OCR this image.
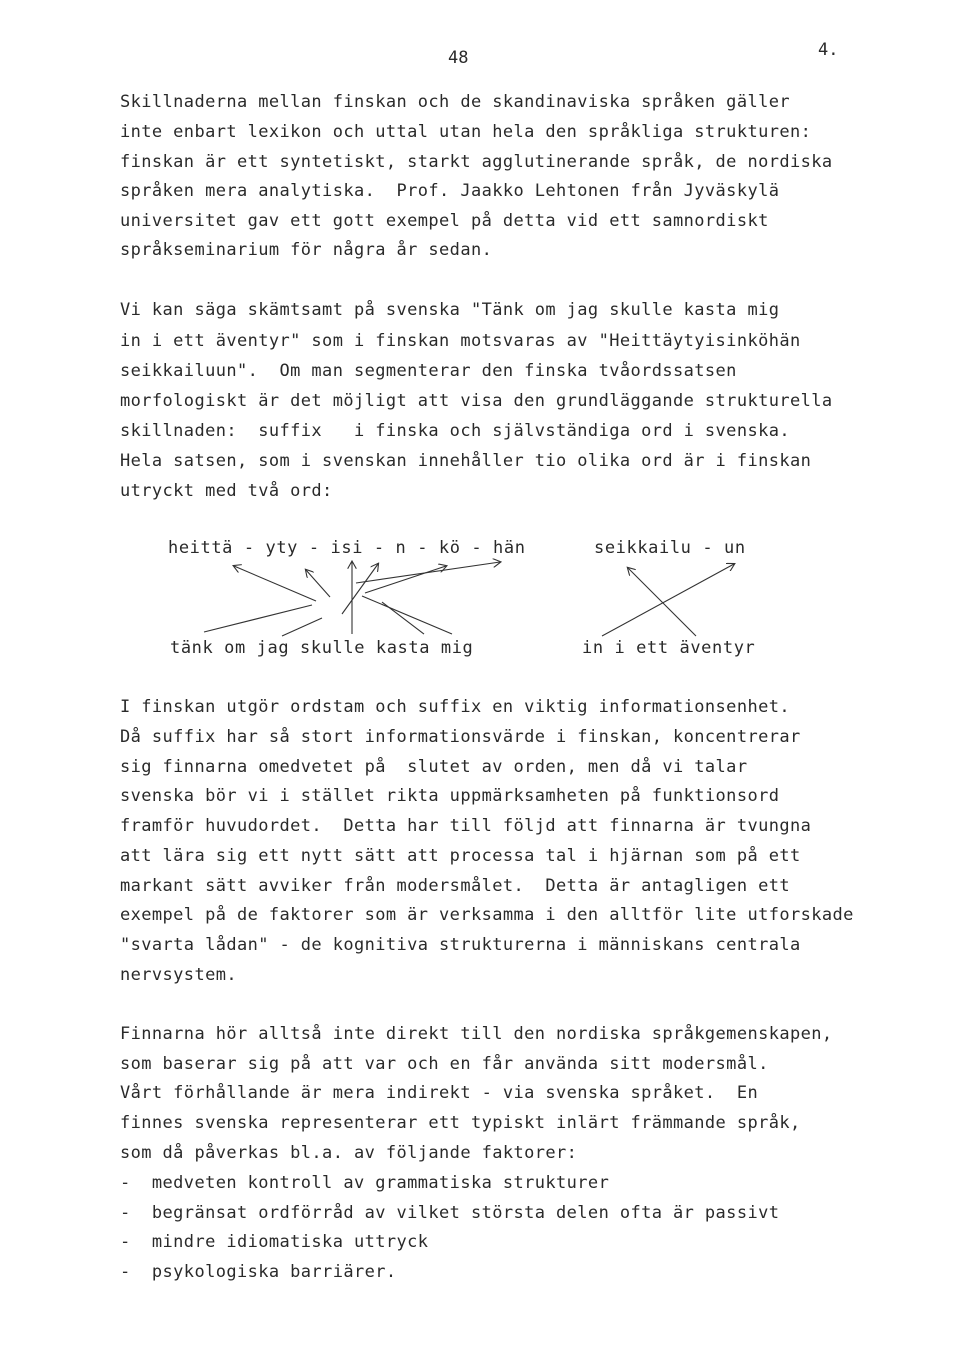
48	4.
Skillnaderna mellan finskan och de skandinaviska språken gäller
inte enbart lexikon och uttal utan hela den språkliga strukturen:
finskan är ett syntetiskt, starkt agglutinerande språk, de nordiska
språken mera analytiska.  Prof. Jaakko Lehtonen från Jyväskylä
universitet gav ett gott exempel på detta vid ett samnordiskt
språkseminarium för några år sedan.
Vi kan säga skämtsamt på svenska "Tänk om jag skulle kasta mig
in i ett äventyr" som i finskan motsvaras av "Heittäytyisinköhän
seikkailuun".  Om man segmenterar den finska tvåordssatsen
morfologiskt är det möjligt att visa den grundläggande strukturella
skillnaden:  suffix   i finska och självständiga ord i svenska.
Hela satsen, som i svenskan innehåller tio olika ord är i finskan
utryckt med två ord:
heittä - yty - isi - n - kö - hän	seikkailu - un
tänk om jag skulle kasta mig	in i ett äventyr
I finskan utgör ordstam och suffix en viktig informationsenhet.
Då suffix har så stort informationsvärde i finskan, koncentrerar
sig finnarna omedvetet på  slutet av orden, men då vi talar
svenska bör vi i stället rikta uppmärksamheten på funktionsord
framför huvudordet.  Detta har till följd att finnarna är tvungna
att lära sig ett nytt sätt att processa tal i hjärnan som på ett
markant sätt avviker från modersmålet.  Detta är antagligen ett
exempel på de faktorer som är verksamma i den alltför lite utforskade
"svarta lådan" - de kognitiva strukturerna i människans centrala
nervsystem.
Finnarna hör alltså inte direkt till den nordiska språkgemenskapen,
som baserar sig på att var och en får använda sitt modersmål.
Vårt förhållande är mera indirekt - via svenska språket.  En
finnes svenska representerar ett typiskt inlärt främmande språk,
som då påverkas bl.a. av följande faktorer:
-  medveten kontroll av grammatiska strukturer
-  begränsat ordförråd av vilket största delen ofta är passivt
-  mindre idiomatiska uttryck
-  psykologiska barriärer.
